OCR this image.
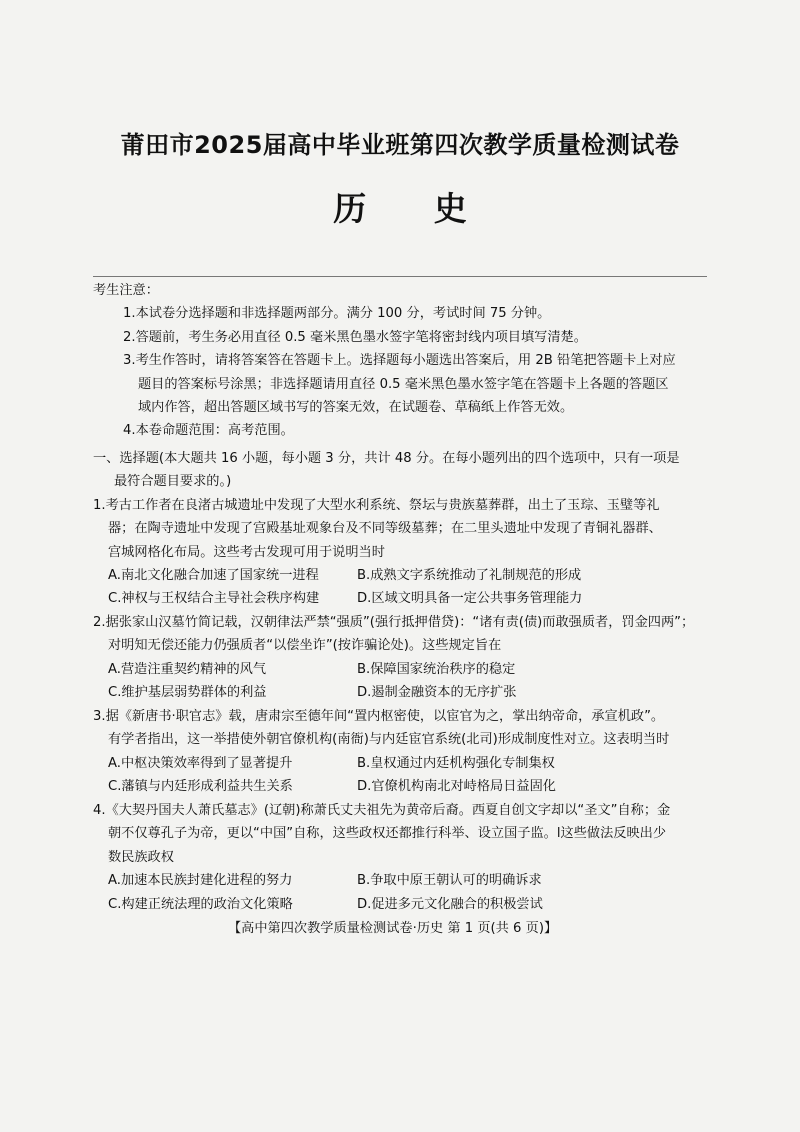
莆田市2025届高中毕业班第四次教学质量检测试卷
历 史
考生注意：
1.本试卷分选择题和非选择题两部分。满分 100 分，考试时间 75 分钟。
2.答题前，考生务必用直径 0.5 毫米黑色墨水签字笔将密封线内项目填写清楚。
3.考生作答时，请将答案答在答题卡上。选择题每小题选出答案后，用 2B 铅笔把答题卡上对应
题目的答案标号涂黑；非选择题请用直径 0.5 毫米黑色墨水签字笔在答题卡上各题的答题区
域内作答，超出答题区域书写的答案无效，在试题卷、草稿纸上作答无效。
4.本卷命题范围：高考范围。
一、选择题(本大题共 16 小题，每小题 3 分，共计 48 分。在每小题列出的四个选项中，只有一项是
最符合题目要求的。)
1.考古工作者在良渚古城遗址中发现了大型水利系统、祭坛与贵族墓葬群，出土了玉琮、玉璧等礼
器；在陶寺遗址中发现了宫殿基址观象台及不同等级墓葬；在二里头遗址中发现了青铜礼器群、
宫城网格化布局。这些考古发现可用于说明当时
A.南北文化融合加速了国家统一进程	B.成熟文字系统推动了礼制规范的形成
C.神权与王权结合主导社会秩序构建	D.区域文明具备一定公共事务管理能力
2.据张家山汉墓竹简记载，汉朝律法严禁“强质”(强行抵押借贷)：“诸有责(债)而敢强质者，罚金四两”；
对明知无偿还能力仍强质者“以偿坐诈”(按诈骗论处)。这些规定旨在
A.营造注重契约精神的风气	B.保障国家统治秩序的稳定
C.维护基层弱势群体的利益	D.遏制金融资本的无序扩张
3.据《新唐书·职官志》载，唐肃宗至德年间“置内枢密使，以宦官为之，掌出纳帝命，承宣机政”。
有学者指出，这一举措使外朝官僚机构(南衙)与内廷宦官系统(北司)形成制度性对立。这表明当时
A.中枢决策效率得到了显著提升	B.皇权通过内廷机构强化专制集权
C.藩镇与内廷形成利益共生关系	D.官僚机构南北对峙格局日益固化
4.《大契丹国夫人萧氏墓志》(辽朝)称萧氏丈夫祖先为黄帝后裔。西夏自创文字却以“圣文”自称；金
朝不仅尊孔子为帝，更以“中国”自称，这些政权还都推行科举、设立国子监。l这些做法反映出少
数民族政权
A.加速本民族封建化进程的努力	B.争取中原王朝认可的明确诉求
C.构建正统法理的政治文化策略	D.促进多元文化融合的积极尝试
【高中第四次教学质量检测试卷·历史 第 1 页(共 6 页)】
